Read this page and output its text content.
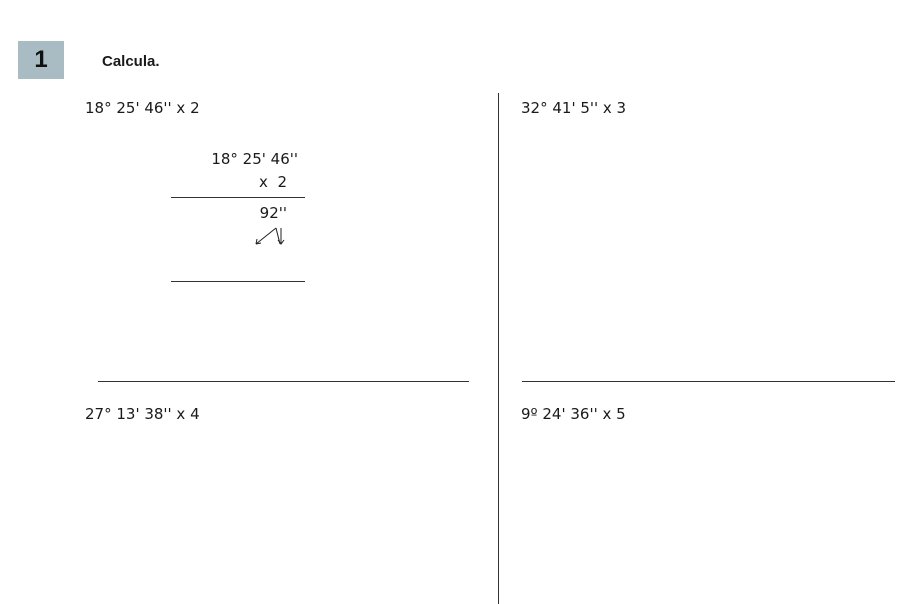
1	Calcula.
18° 25' 46'' x 2	32° 41' 5'' x 3
27° 13' 38'' x 4	9º 24' 36'' x 5
18° 25' 46''
x  2
92''
